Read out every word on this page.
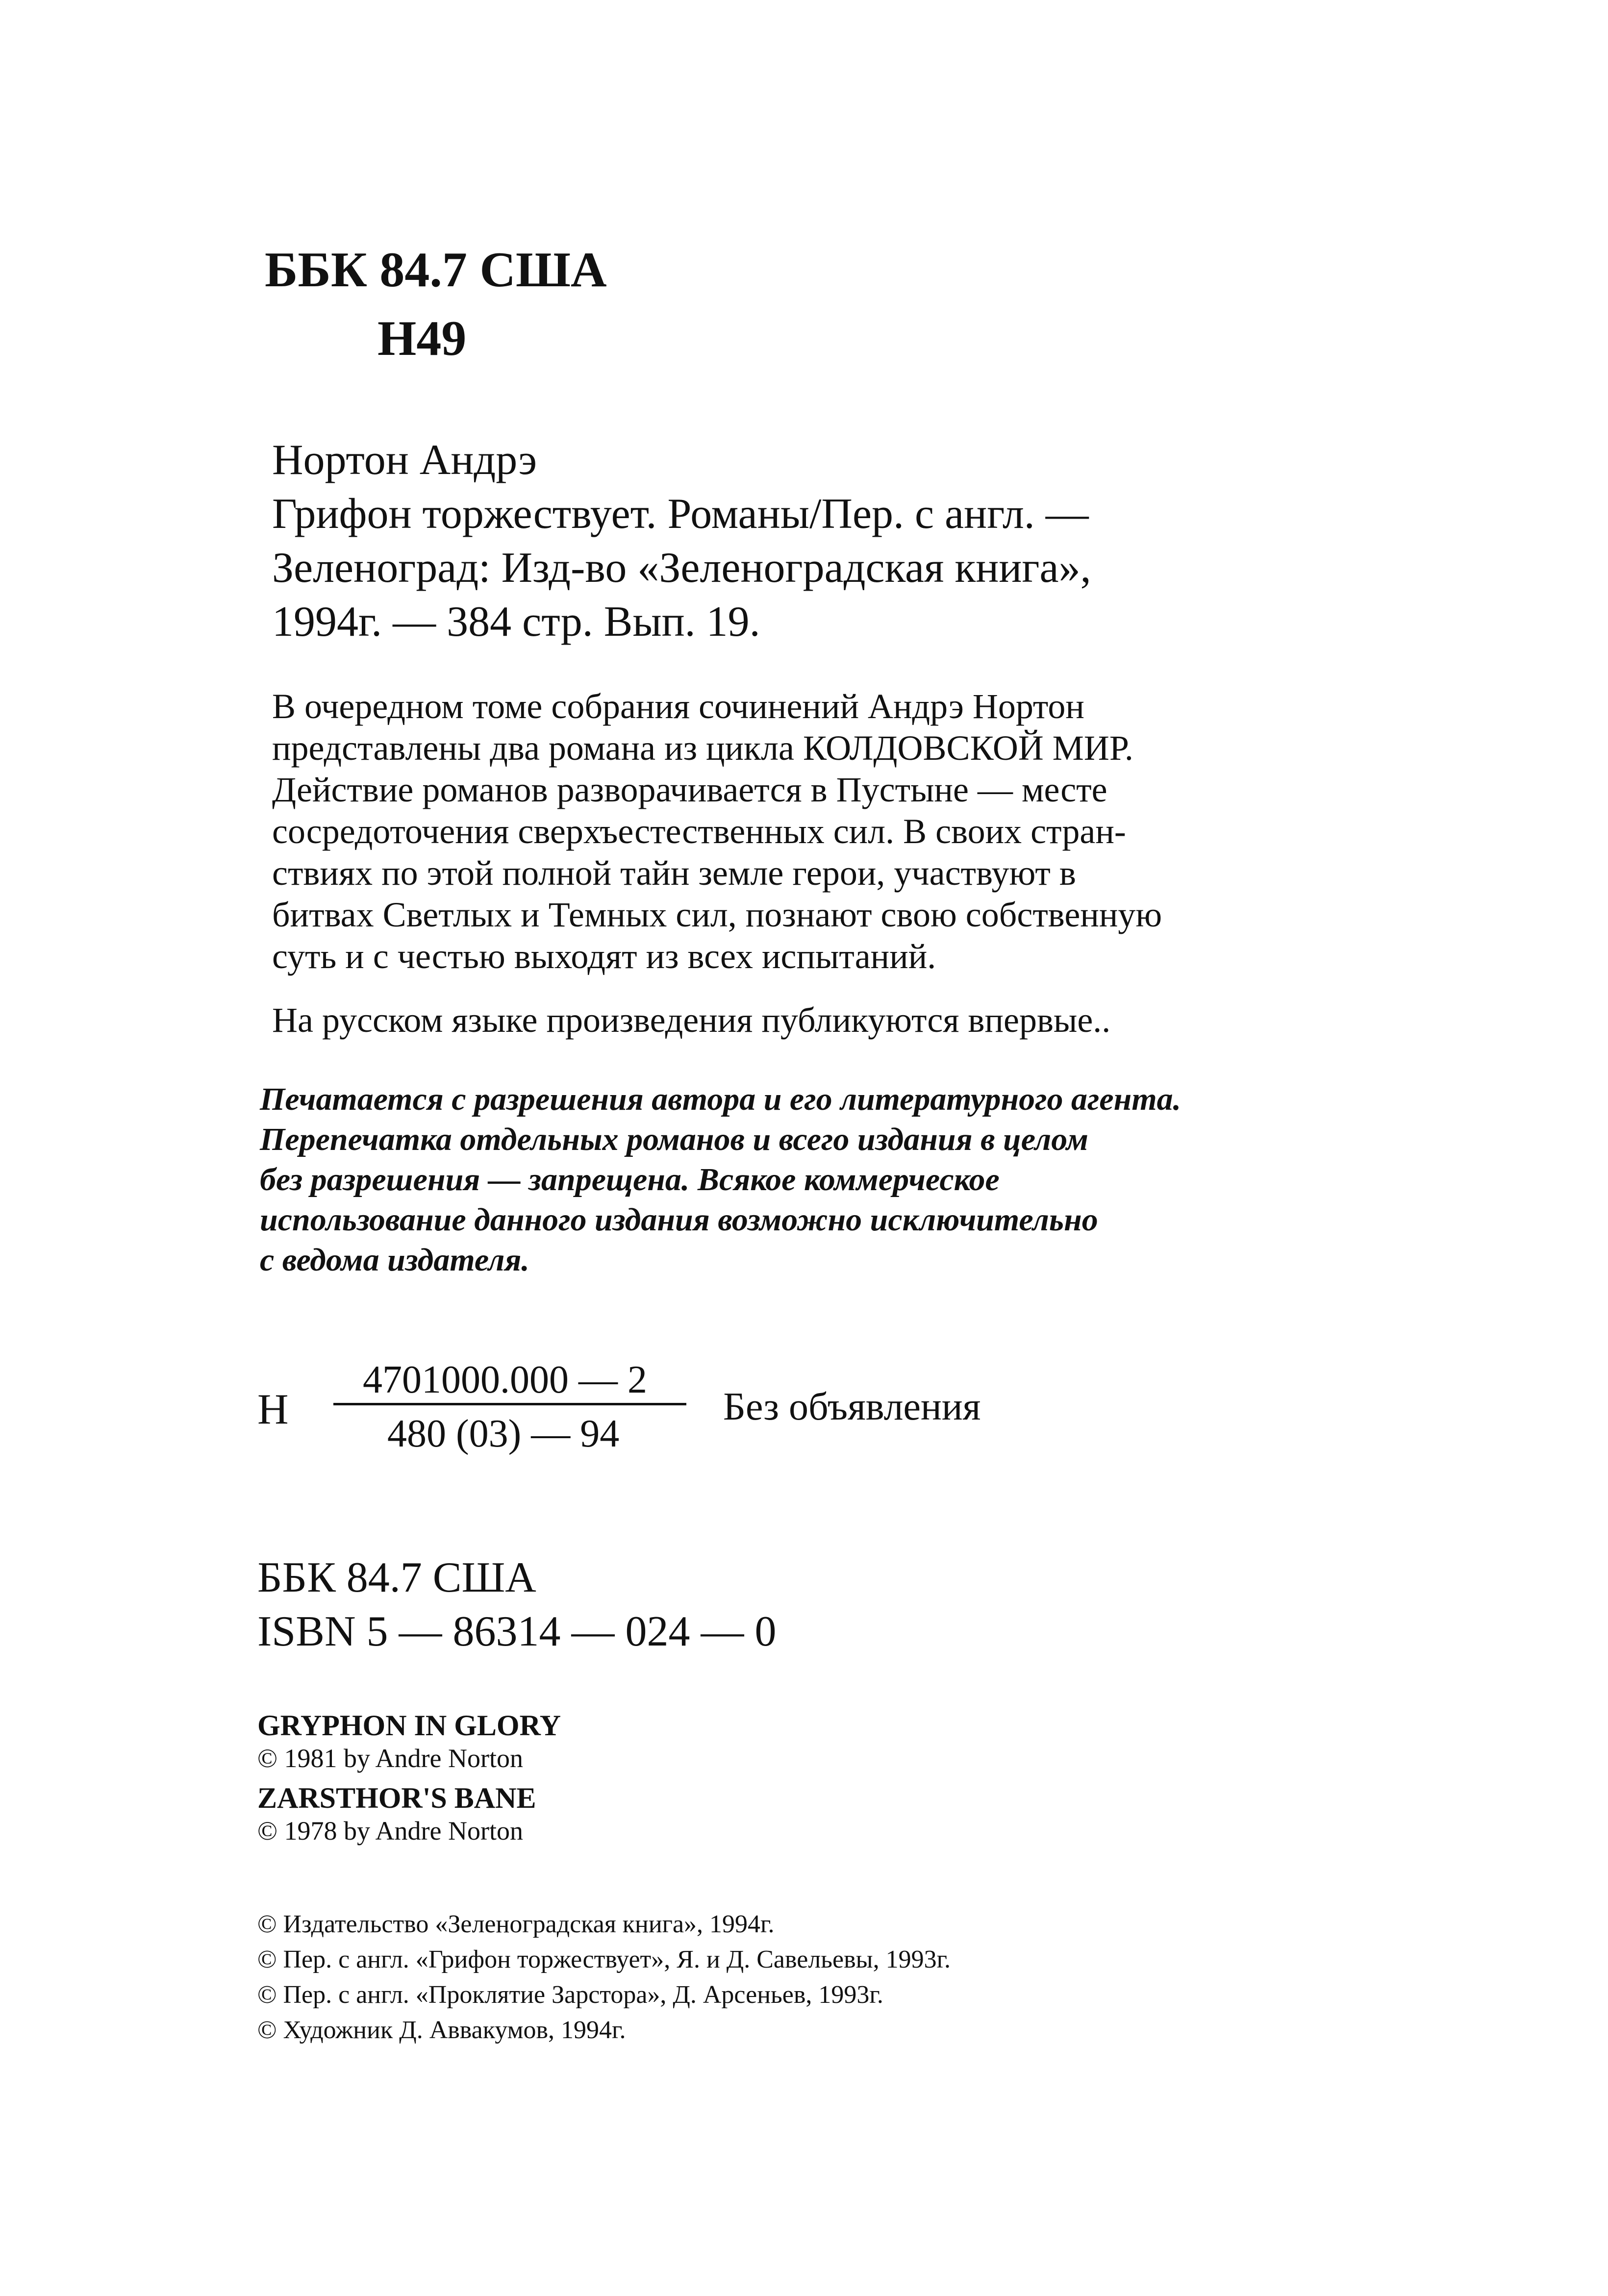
ББК 84.7 США
Н49
Нортон Андрэ
Грифон торжествует. Романы/Пер. с англ. —
Зеленоград: Изд-во «Зеленоградская книга»,
1994г. — 384 стр. Вып. 19.
В очередном томе собрания сочинений Андрэ Нортон
представлены два романа из цикла КОЛДОВСКОЙ МИР.
Действие романов разворачивается в Пустыне — месте
сосредоточения сверхъестественных сил. В своих стран-
ствиях по этой полной тайн земле герои, участвуют в
битвах Светлых и Темных сил, познают свою собственную
суть и с честью выходят из всех испытаний.
На русском языке произведения публикуются впервые..
Печатается с разрешения автора и его литературного агента.
Перепечатка отдельных романов и всего издания в целом
без разрешения — запрещена. Всякое коммерческое
использование данного издания возможно исключительно
с ведома издателя.
Н
4701000.000 — 2
480 (03) — 94
Без объявления
ББК 84.7 США
ISBN 5 — 86314 — 024 — 0
GRYPHON IN GLORY
© 1981 by Andre Norton
ZARSTHOR'S BANE
© 1978 by Andre Norton
© Издательство «Зеленоградская книга», 1994г.
© Пер. с англ. «Грифон торжествует», Я. и Д. Савельевы, 1993г.
© Пер. с англ. «Проклятие Зарстора», Д. Арсеньев, 1993г.
© Художник Д. Аввакумов, 1994г.
